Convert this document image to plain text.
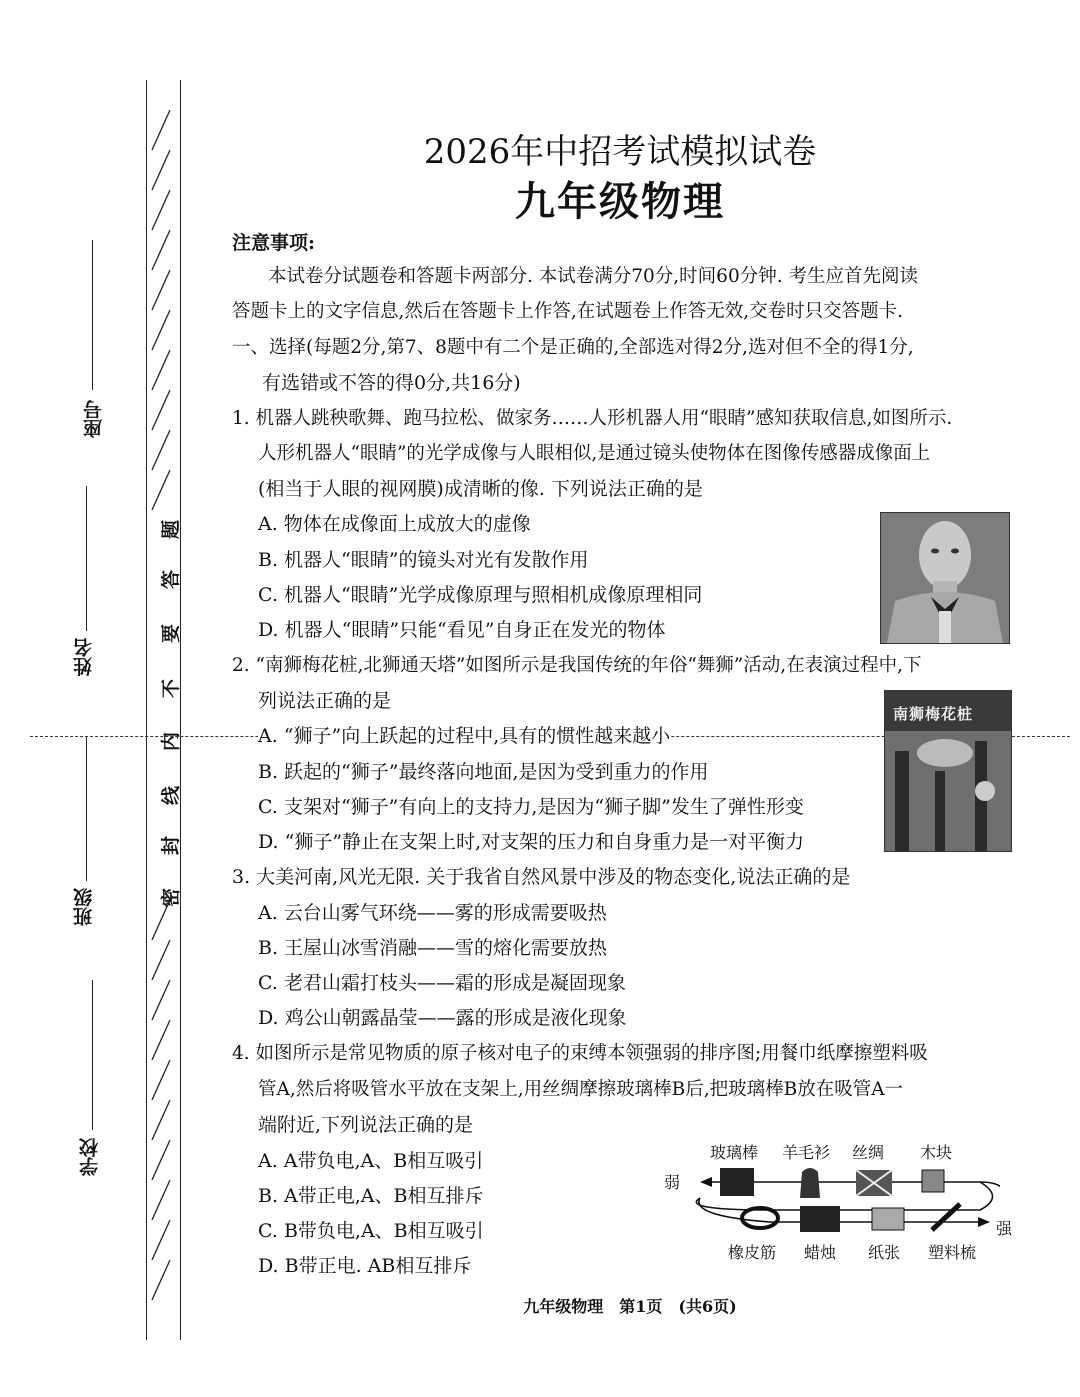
题
答
要
不
内
线
封
密
座号
姓名
班级
学校
2026年中招考试模拟试卷
九年级物理
注意事项:
本试卷分试题卷和答题卡两部分. 本试卷满分70分,时间60分钟. 考生应首先阅读
答题卡上的文字信息,然后在答题卡上作答,在试题卷上作答无效,交卷时只交答题卡.
一、选择(每题2分,第7、8题中有二个是正确的,全部选对得2分,选对但不全的得1分,
有选错或不答的得0分,共16分)
1. 机器人跳秧歌舞、跑马拉松、做家务……人形机器人用“眼睛”感知获取信息,如图所示.
人形机器人“眼睛”的光学成像与人眼相似,是通过镜头使物体在图像传感器成像面上
(相当于人眼的视网膜)成清晰的像. 下列说法正确的是
A. 物体在成像面上成放大的虚像
B. 机器人“眼睛”的镜头对光有发散作用
C. 机器人“眼睛”光学成像原理与照相机成像原理相同
D. 机器人“眼睛”只能“看见”自身正在发光的物体
2. “南狮梅花桩,北狮通天塔”如图所示是我国传统的年俗“舞狮”活动,在表演过程中,下
列说法正确的是
A. “狮子”向上跃起的过程中,具有的惯性越来越小
B. 跃起的“狮子”最终落向地面,是因为受到重力的作用
C. 支架对“狮子”有向上的支持力,是因为“狮子脚”发生了弹性形变
D. “狮子”静止在支架上时,对支架的压力和自身重力是一对平衡力
南狮梅花桩
3. 大美河南,风光无限. 关于我省自然风景中涉及的物态变化,说法正确的是
A. 云台山雾气环绕——雾的形成需要吸热
B. 王屋山冰雪消融——雪的熔化需要放热
C. 老君山霜打枝头——霜的形成是凝固现象
D. 鸡公山朝露晶莹——露的形成是液化现象
4. 如图所示是常见物质的原子核对电子的束缚本领强弱的排序图;用餐巾纸摩擦塑料吸
管A,然后将吸管水平放在支架上,用丝绸摩擦玻璃棒B后,把玻璃棒B放在吸管A一
端附近,下列说法正确的是
A. A带负电,A、B相互吸引
B. A带正电,A、B相互排斥
C. B带负电,A、B相互吸引
D. B带正电. AB相互排斥
玻璃棒 羊毛衫 丝绸 木块
弱
强
橡皮筋 蜡烛 纸张 塑料梳
九年级物理　第1页　(共6页)
